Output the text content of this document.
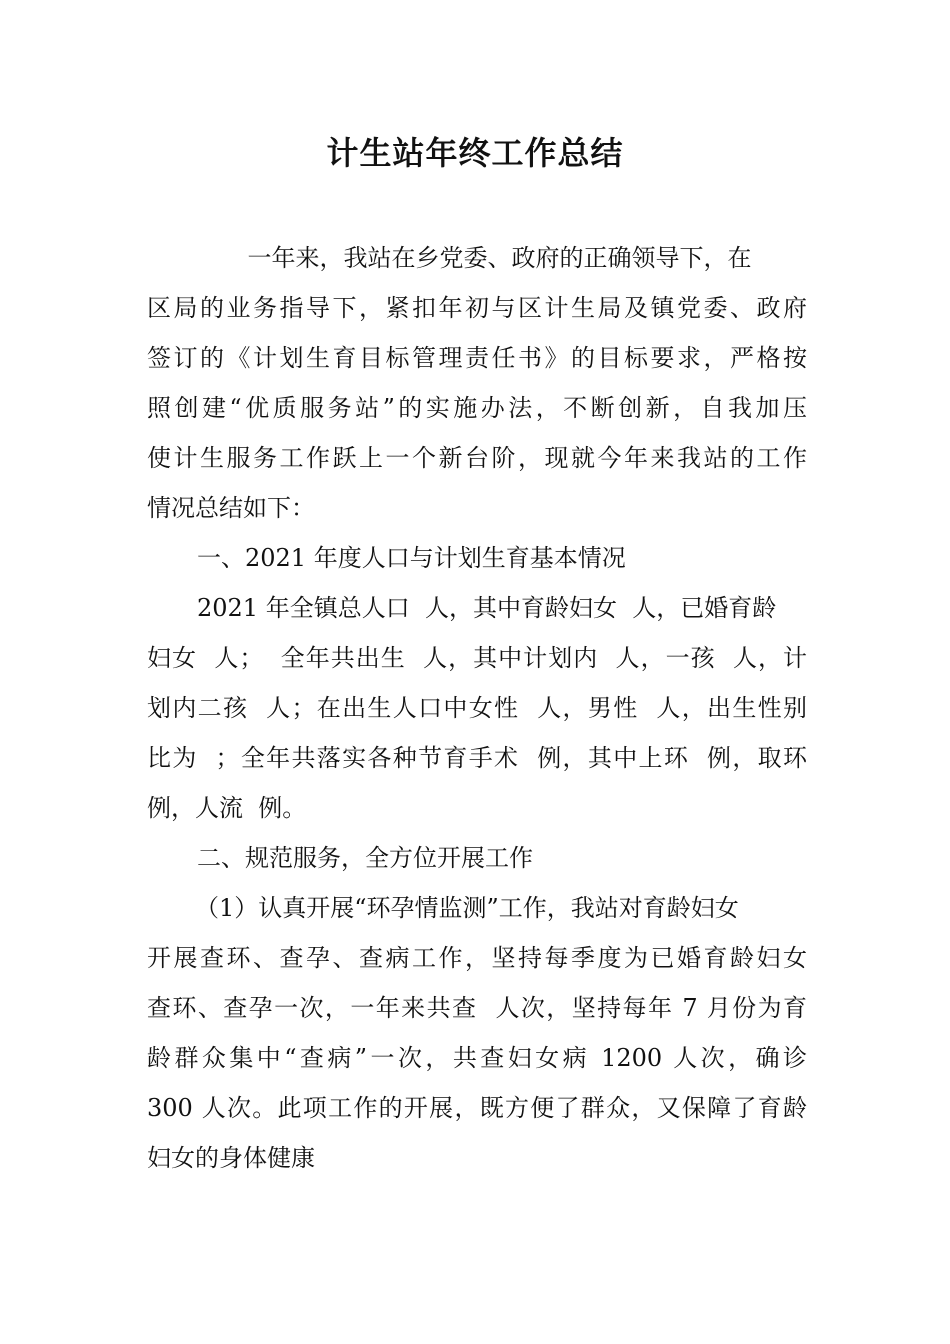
计生站年终工作总结
一年来，我站在乡党委、政府的正确领导下，在
区局的业务指导下，紧扣年初与区计生局及镇党委、政府
签订的《计划生育目标管理责任书》的目标要求，严格按
照创建“优质服务站”的实施办法，不断创新，自我加压
使计生服务工作跃上一个新台阶，现就今年来我站的工作
情况总结如下：
一、2021 年度人口与计划生育基本情况
2021 年全镇总人口  人，其中育龄妇女  人，已婚育龄
妇女  人；  全年共出生  人，其中计划内  人，一孩  人，计
划内二孩  人；在出生人口中女性  人，男性  人，出生性别
比为  ；全年共落实各种节育手术  例，其中上环  例，取环
例，人流  例。
二、规范服务，全方位开展工作
（1）认真开展“环孕情监测”工作，我站对育龄妇女
开展查环、查孕、查病工作，坚持每季度为已婚育龄妇女
查环、查孕一次，一年来共查  人次，坚持每年 7 月份为育
龄群众集中“查病”一次，共查妇女病 1200 人次，确诊
300 人次。此项工作的开展，既方便了群众，又保障了育龄
妇女的身体健康
